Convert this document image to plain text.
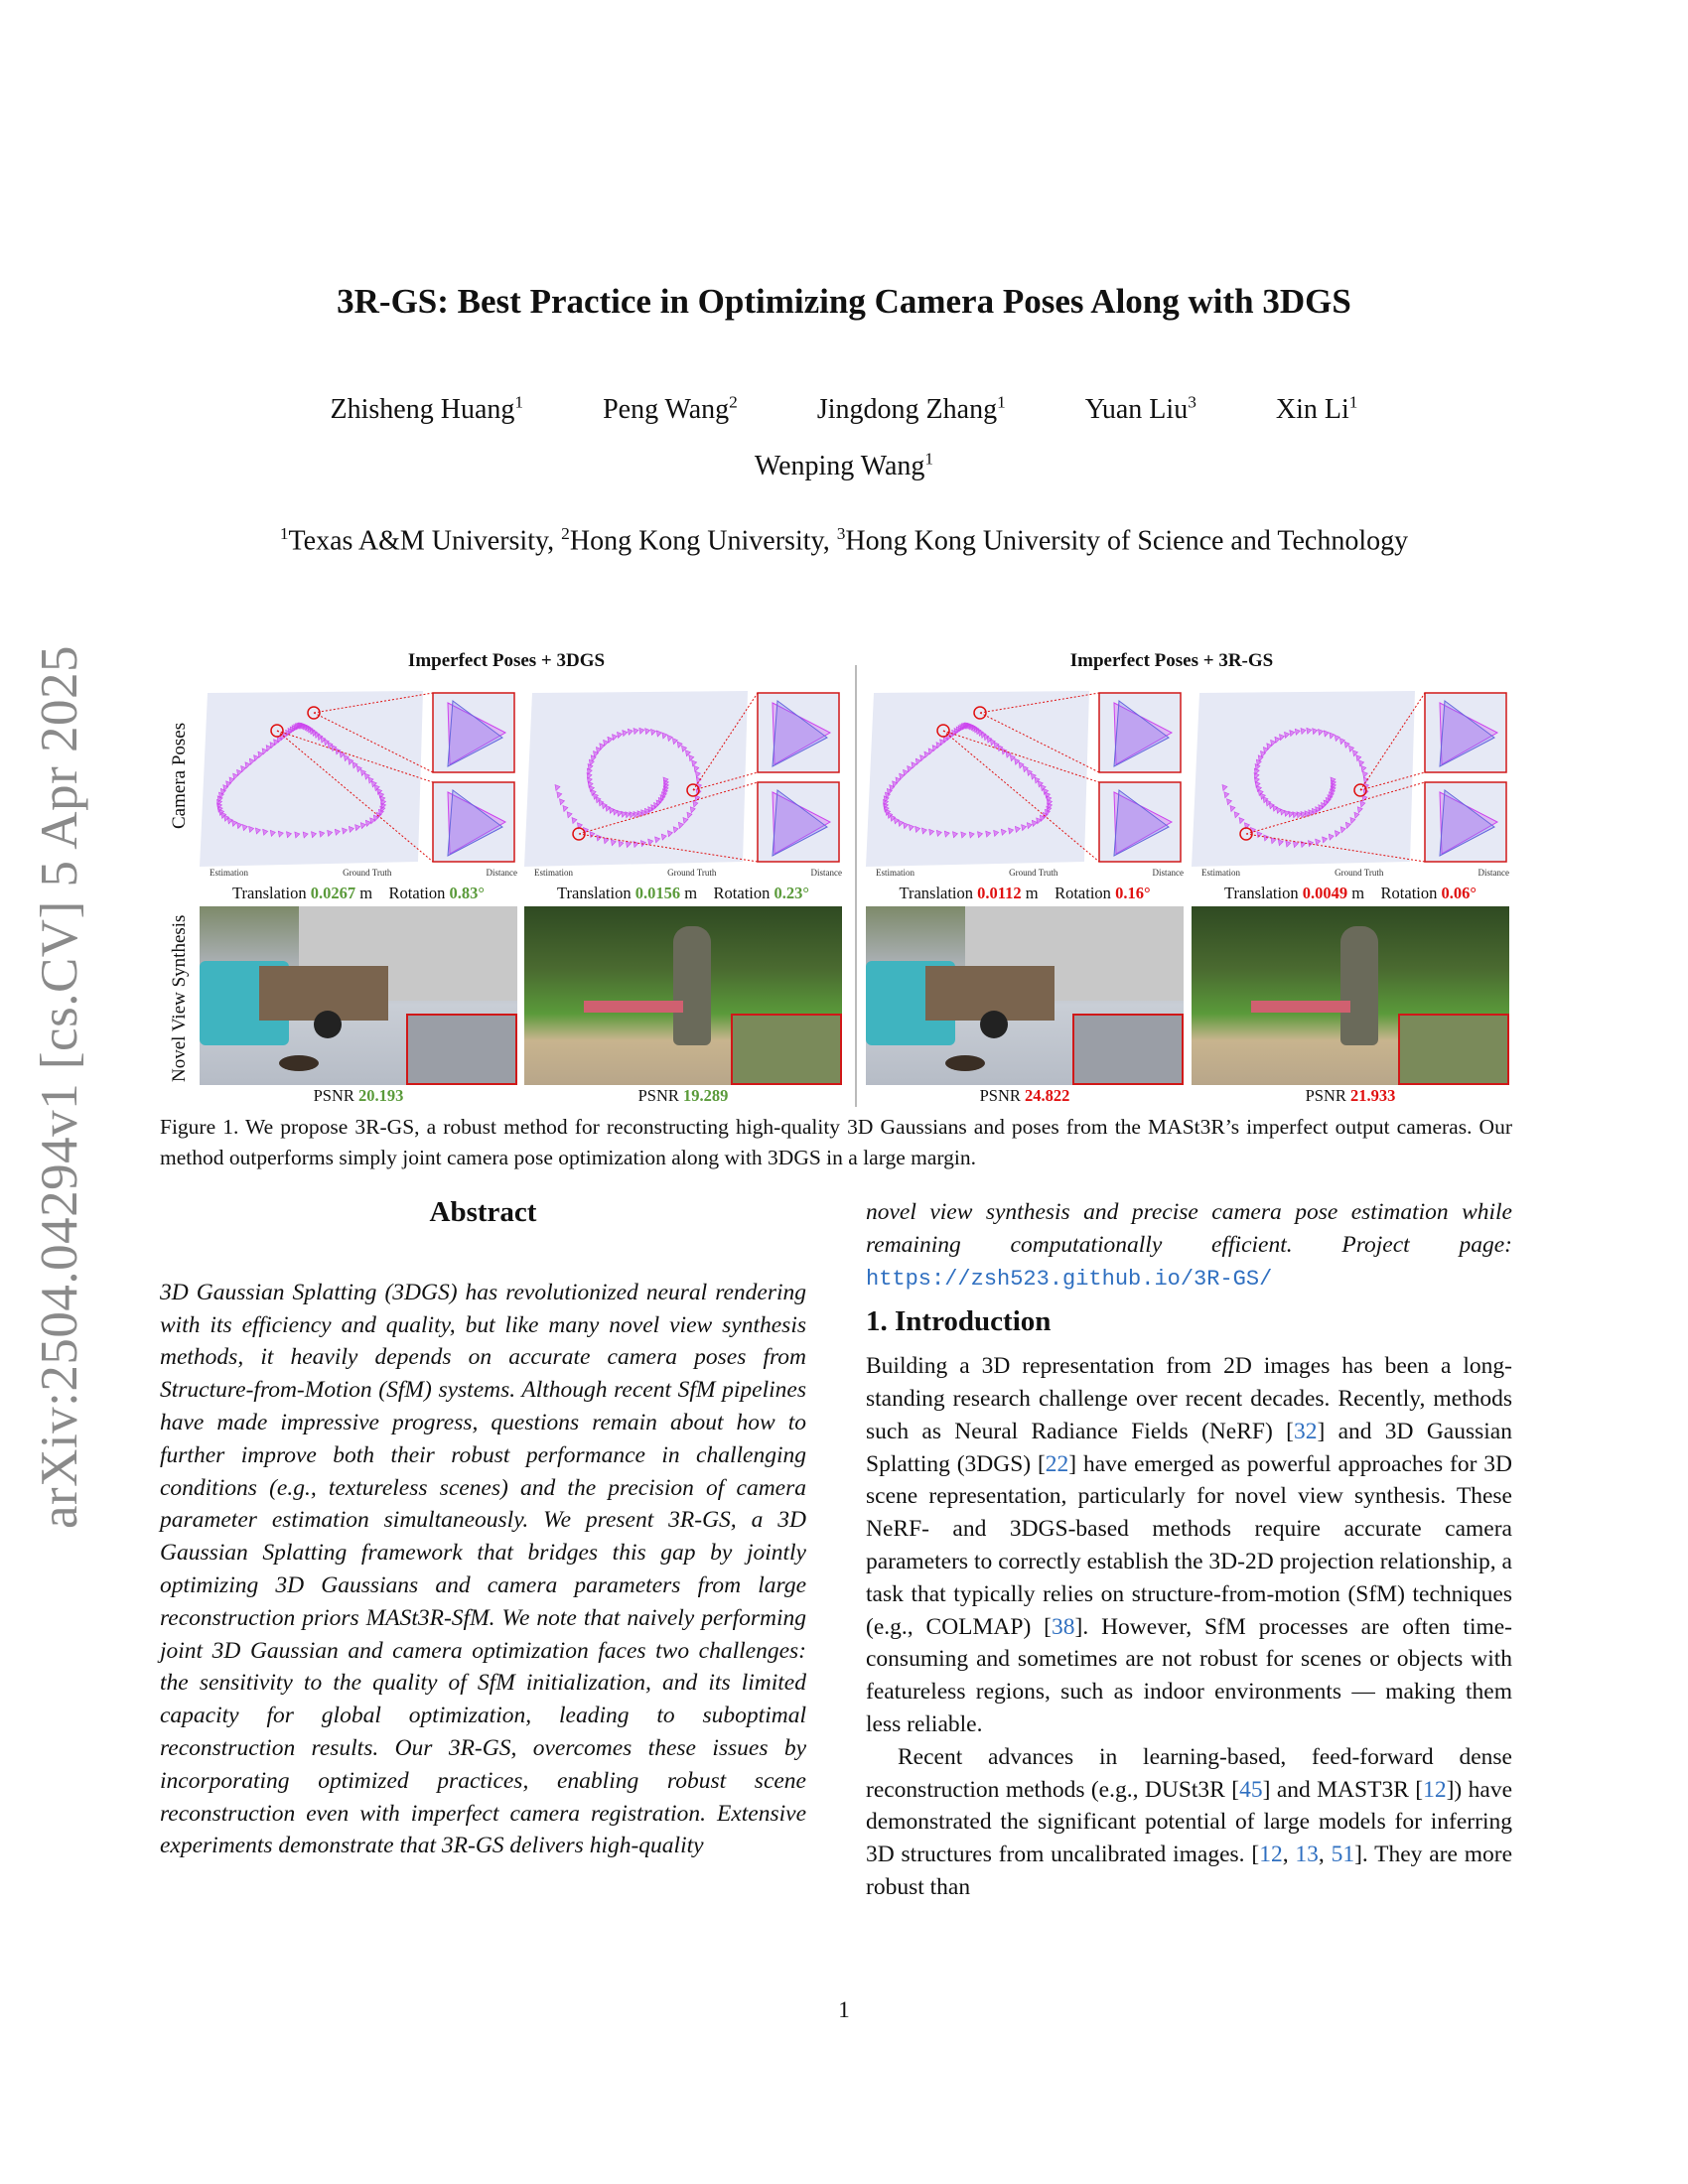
arXiv:2504.04294v1 [cs.CV] 5 Apr 2025
3R-GS: Best Practice in Optimizing Camera Poses Along with 3DGS
Zhisheng Huang$^1$	Peng Wang$^2$	Jingdong Zhang$^1$	Yuan Liu$^3$	Xin Li$^1$
Wenping Wang$^1$
$^1$Texas A&M University, $^2$Hong Kong University, $^3$Hong Kong University of Science and Technology
Imperfect Poses + 3DGS	Imperfect Poses + 3R-GS
Camera Poses
Novel View Synthesis
Estimation	Ground Truth	Distance
Translation 0.0267 m Rotation 0.83°
PSNR 20.193
Estimation	Ground Truth	Distance
Translation 0.0156 m Rotation 0.23°
PSNR 19.289
Estimation	Ground Truth	Distance
Translation 0.0112 m Rotation 0.16°
PSNR 24.822
Estimation	Ground Truth	Distance
Translation 0.0049 m Rotation 0.06°
PSNR 21.933
Figure 1. We propose 3R-GS, a robust method for reconstructing high-quality 3D Gaussians and poses from the MASt3R’s imperfect output cameras. Our method outperforms simply joint camera pose optimization along with 3DGS in a large margin.
Abstract

3D Gaussian Splatting (3DGS) has revolutionized neural rendering with its efficiency and quality, but like many novel view synthesis methods, it heavily depends on accurate camera poses from Structure-from-Motion (SfM) systems. Although recent SfM pipelines have made impressive progress, questions remain about how to further improve both their robust performance in challenging conditions (e.g., textureless scenes) and the precision of camera parameter estimation simultaneously. We present 3R-GS, a 3D Gaussian Splatting framework that bridges this gap by jointly optimizing 3D Gaussians and camera parameters from large reconstruction priors MASt3R-SfM. We note that naively performing joint 3D Gaussian and camera optimization faces two challenges: the sensitivity to the quality of SfM initialization, and its limited capacity for global optimization, leading to suboptimal reconstruction results. Our 3R-GS, overcomes these issues by incorporating optimized practices, enabling robust scene reconstruction even with imperfect camera registration. Extensive experiments demonstrate that 3R-GS delivers high-quality

novel view synthesis and precise camera pose estimation while remaining computationally efficient. Project page: https://zsh523.github.io/3R-GS/

1. Introduction

Building a 3D representation from 2D images has been a long-standing research challenge over recent decades. Recently, methods such as Neural Radiance Fields (NeRF) [32] and 3D Gaussian Splatting (3DGS) [22] have emerged as powerful approaches for 3D scene representation, particularly for novel view synthesis. These NeRF- and 3DGS-based methods require accurate camera parameters to correctly establish the 3D-2D projection relationship, a task that typically relies on structure-from-motion (SfM) techniques (e.g., COLMAP) [38]. However, SfM processes are often time-consuming and sometimes are not robust for scenes or objects with featureless regions, such as indoor environments — making them less reliable.

Recent advances in learning-based, feed-forward dense reconstruction methods (e.g., DUSt3R [45] and MAST3R [12]) have demonstrated the significant potential of large models for inferring 3D structures from uncalibrated images. [12, 13, 51]. They are more robust than

1
